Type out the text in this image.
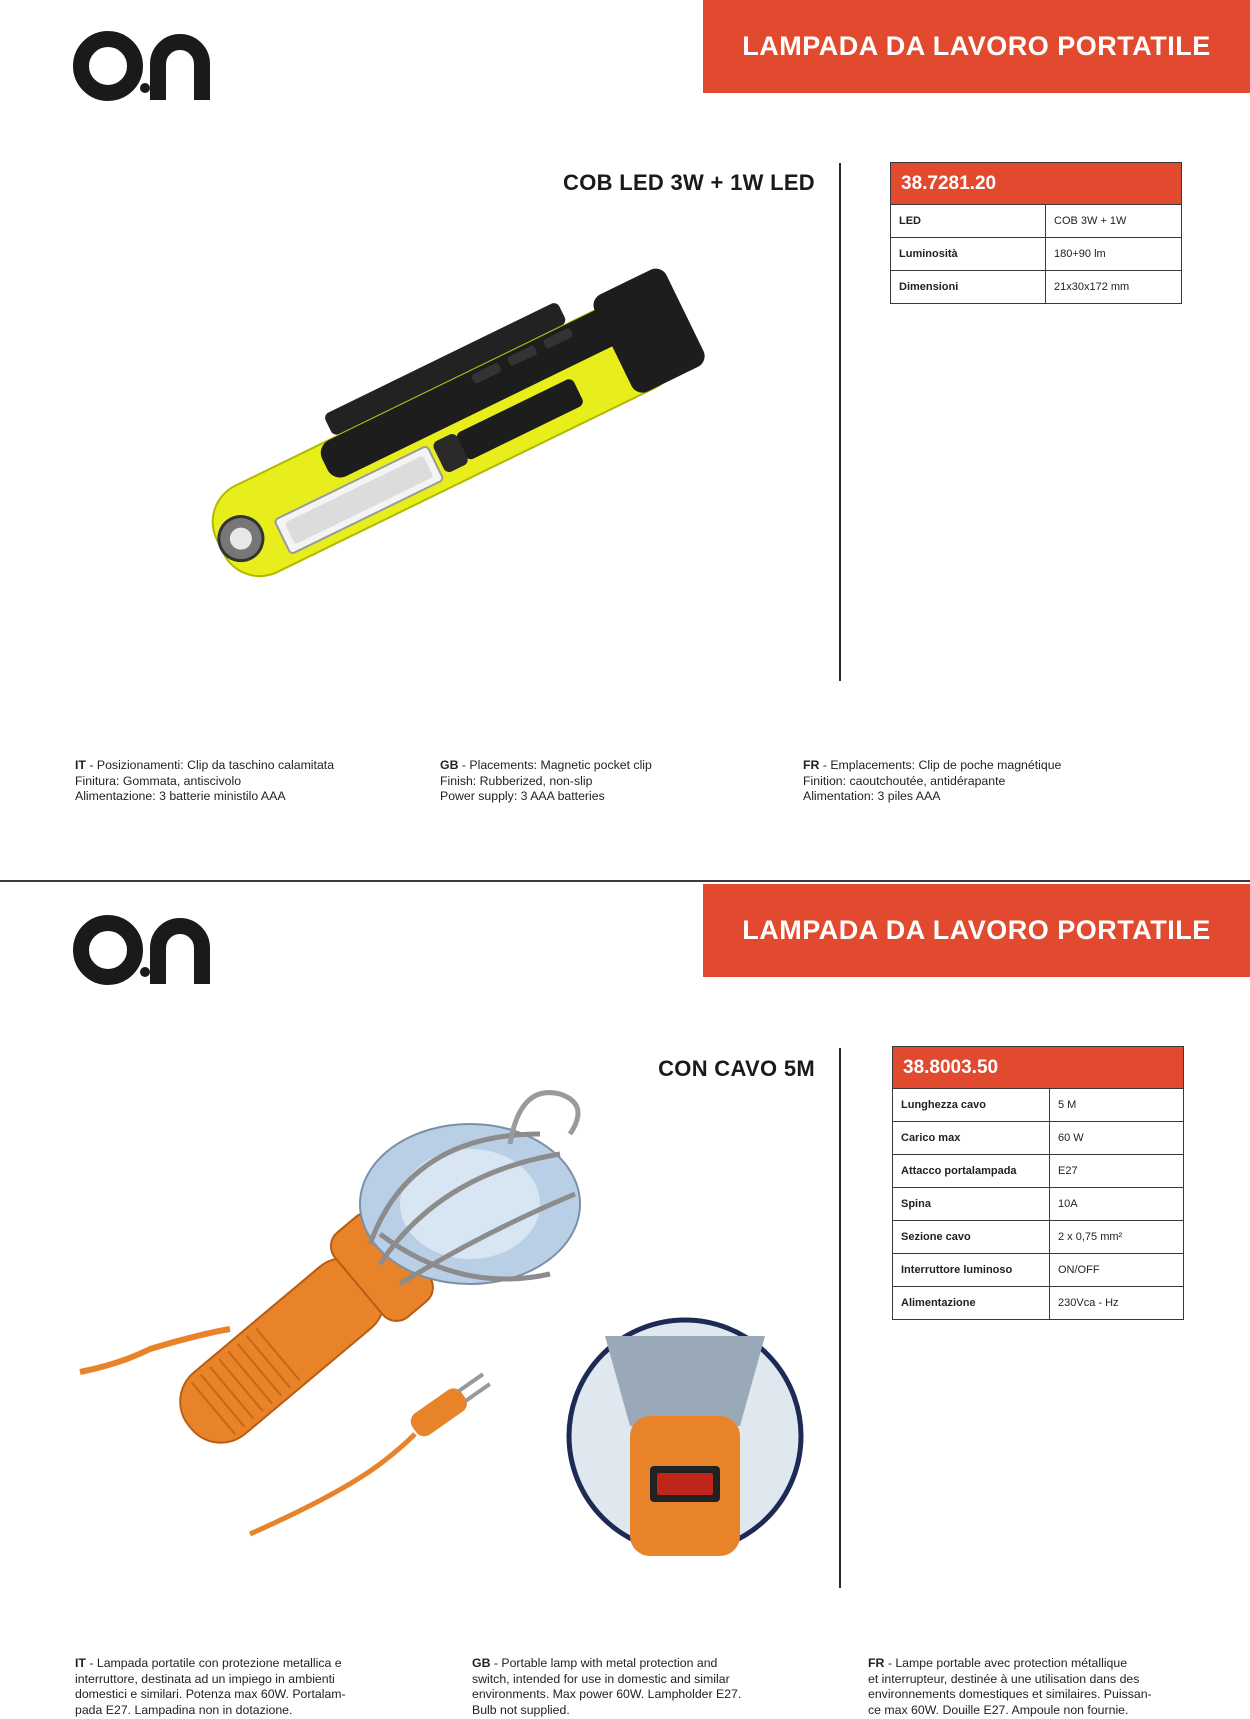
LAMPADA DA LAVORO PORTATILE
COB LED 3W + 1W LED	38.7281.20	
LED	COB 3W + 1W
Luminosità	180+90 lm
Dimensioni	21x30x172 mm
IT - Posizionamenti: Clip da taschino calamitata
Finitura: Gommata, antiscivolo
Alimentazione: 3 batterie ministilo AAA
GB - Placements: Magnetic pocket clip
Finish: Rubberized, non-slip
Power supply: 3 AAA batteries
FR - Emplacements: Clip de poche magnétique
Finition: caoutchoutée, antidérapante
Alimentation: 3 piles AAA
LAMPADA DA LAVORO PORTATILE
CON CAVO 5M	38.8003.50	
Lunghezza cavo	5 M
Carico max	60 W
Attacco portalampada	E27
Spina	10A
Sezione cavo	2 x 0,75 mm²
Interruttore luminoso	ON/OFF
Alimentazione	230Vca - Hz
IT - Lampada portatile con protezione metallica e
interruttore, destinata ad un impiego in ambienti
domestici e similari. Potenza max 60W. Portalam-
pada E27. Lampadina non in dotazione.
GB - Portable lamp with metal protection and
switch, intended for use in domestic and similar
environments. Max power 60W. Lampholder E27.
Bulb not supplied.
FR - Lampe portable avec protection métallique
et interrupteur, destinée à une utilisation dans des
environnements domestiques et similaires. Puissan-
ce max 60W. Douille E27. Ampoule non fournie.
